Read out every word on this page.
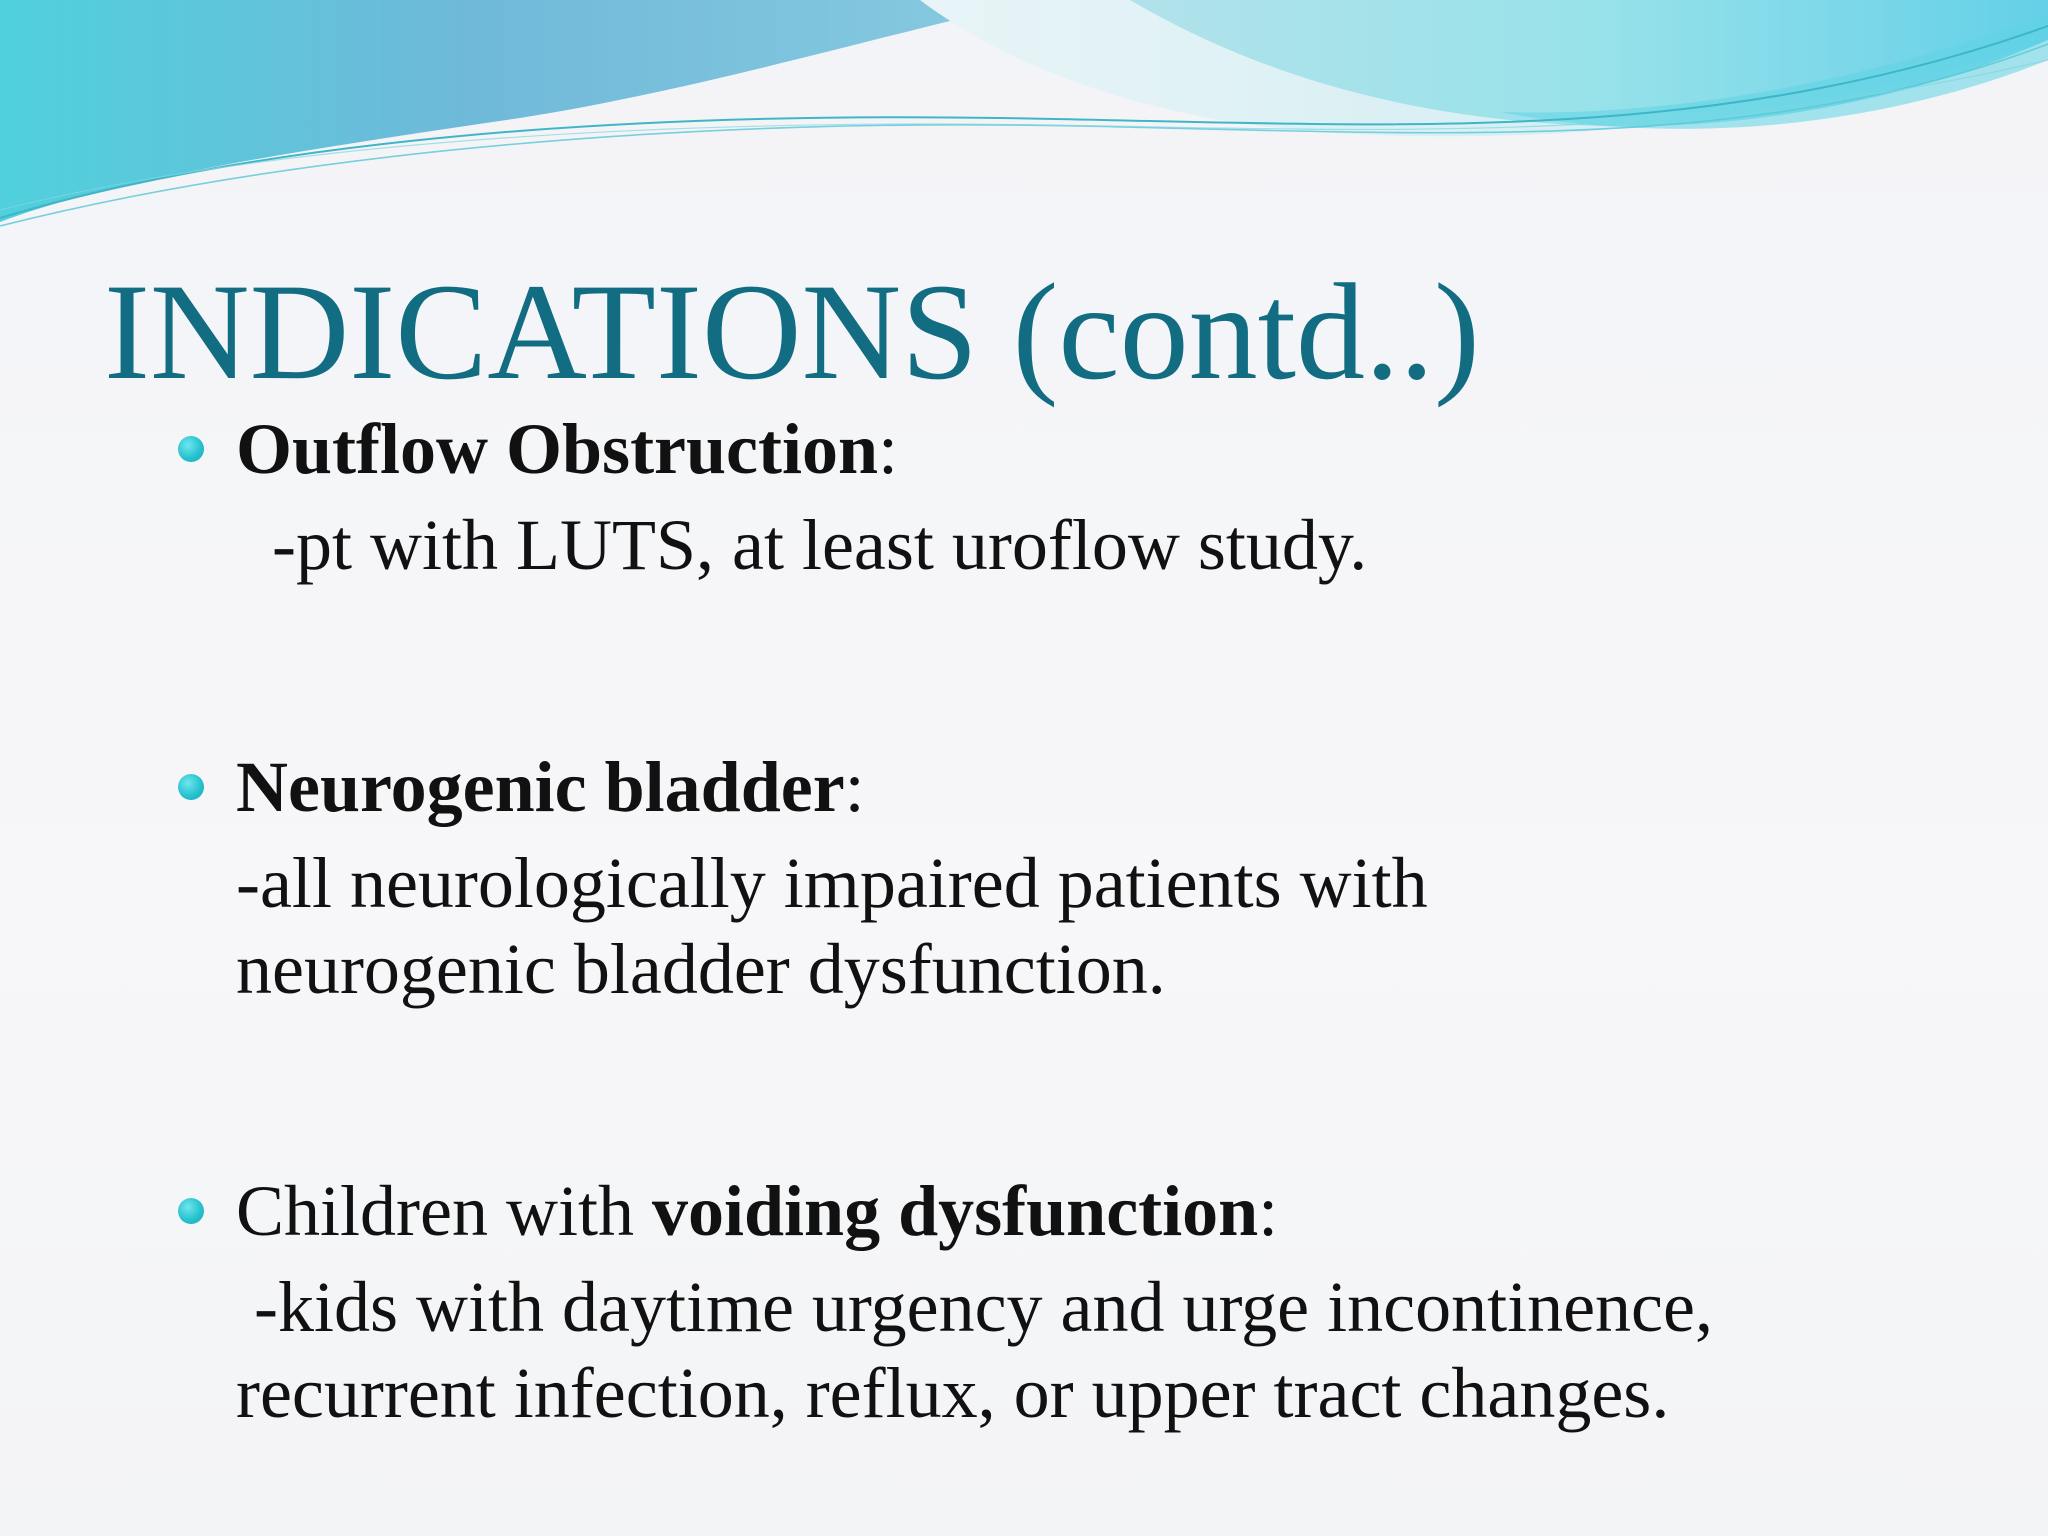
INDICATIONS (contd..)
Outflow Obstruction:
-pt with LUTS, at least uroflow study.
Neurogenic bladder:
-all neurologically impaired patients with
neurogenic bladder dysfunction.
Children with voiding dysfunction:
-kids with daytime urgency and urge incontinence,
recurrent infection, reflux, or upper tract changes.
